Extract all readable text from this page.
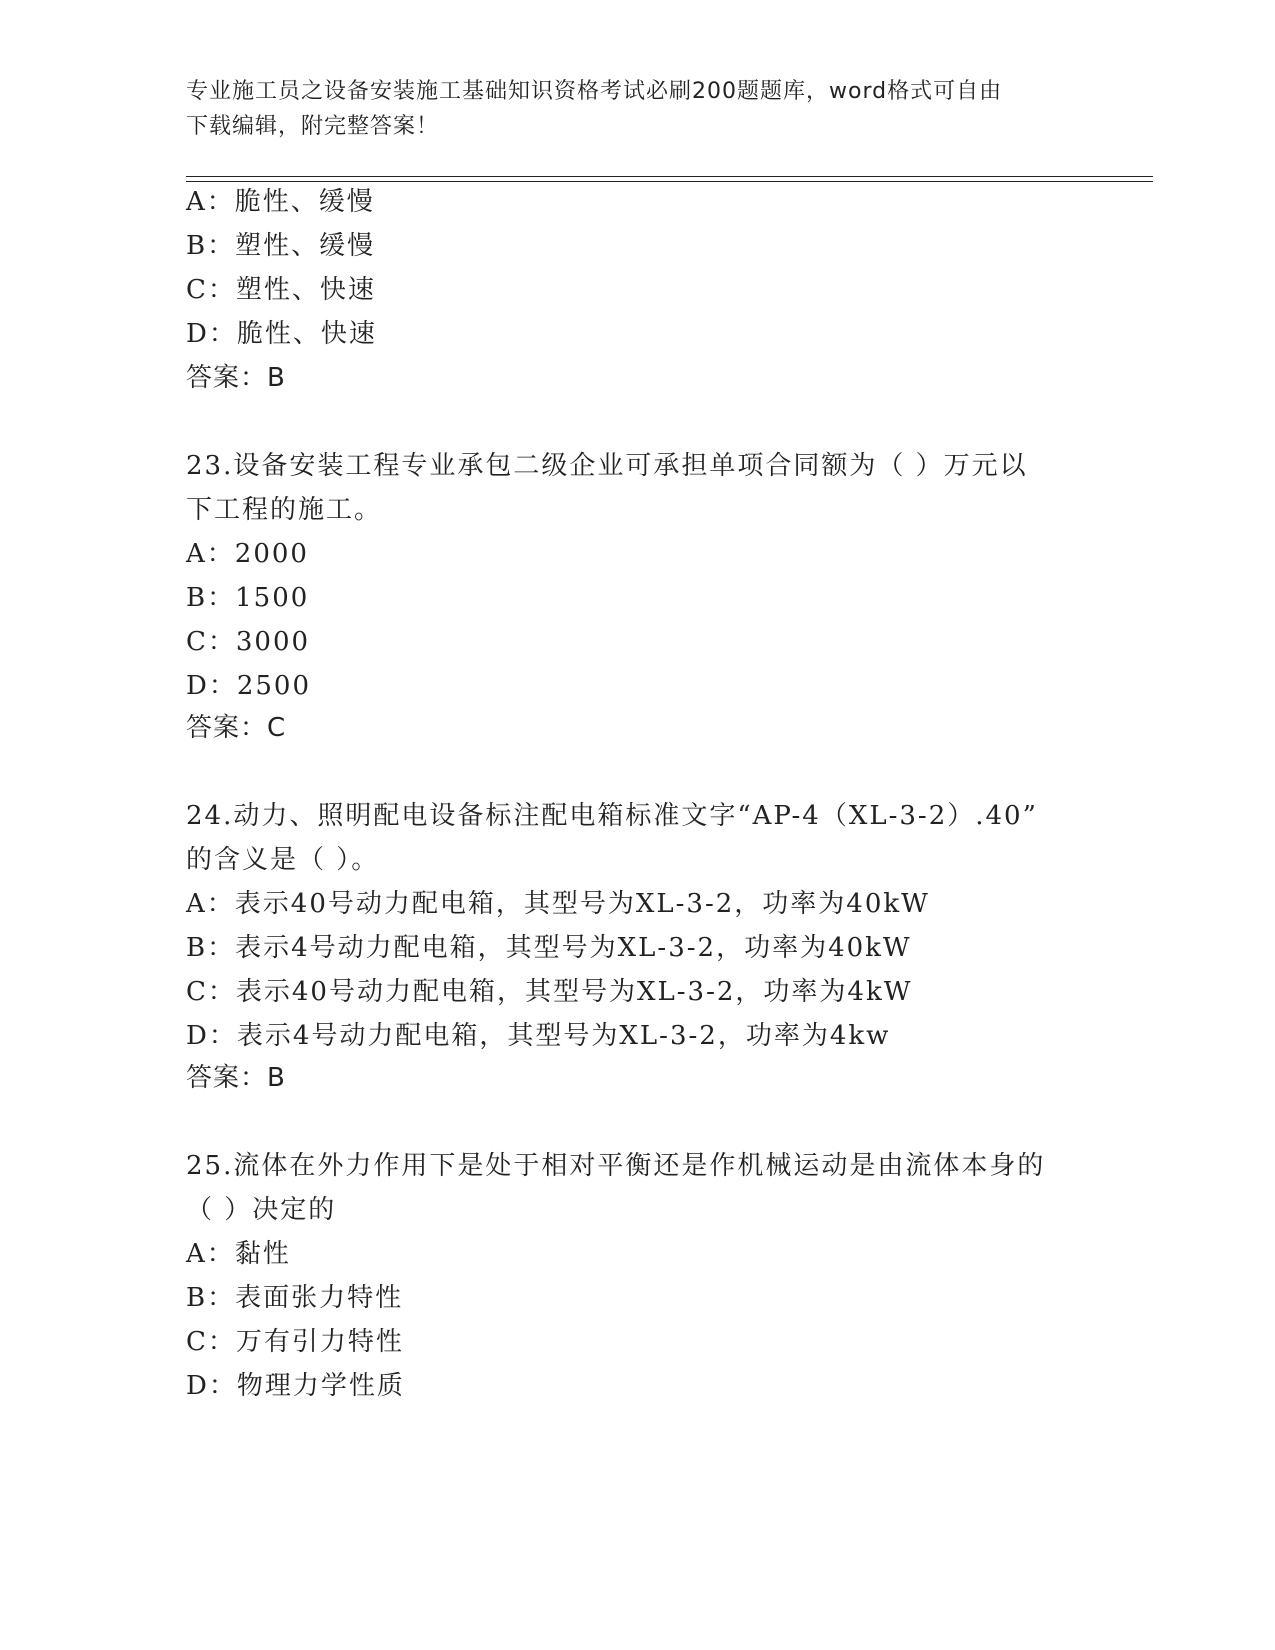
专业施工员之设备安装施工基础知识资格考试必刷200题题库，word格式可自由
下载编辑，附完整答案！
A：脆性、缓慢
B：塑性、缓慢
C：塑性、快速
D：脆性、快速
答案：B
23.设备安装工程专业承包二级企业可承担单项合同额为（ ）万元以
下工程的施工。
A：2000
B：1500
C：3000
D：2500
答案：C
24.动力、照明配电设备标注配电箱标准文字“AP-4（XL-3-2）.40”
的含义是（ ）。
A：表示40号动力配电箱，其型号为XL-3-2，功率为40kW
B：表示4号动力配电箱，其型号为XL-3-2，功率为40kW
C：表示40号动力配电箱，其型号为XL-3-2，功率为4kW
D：表示4号动力配电箱，其型号为XL-3-2，功率为4kw
答案：B
25.流体在外力作用下是处于相对平衡还是作机械运动是由流体本身的
（ ）决定的
A：黏性
B：表面张力特性
C：万有引力特性
D：物理力学性质
